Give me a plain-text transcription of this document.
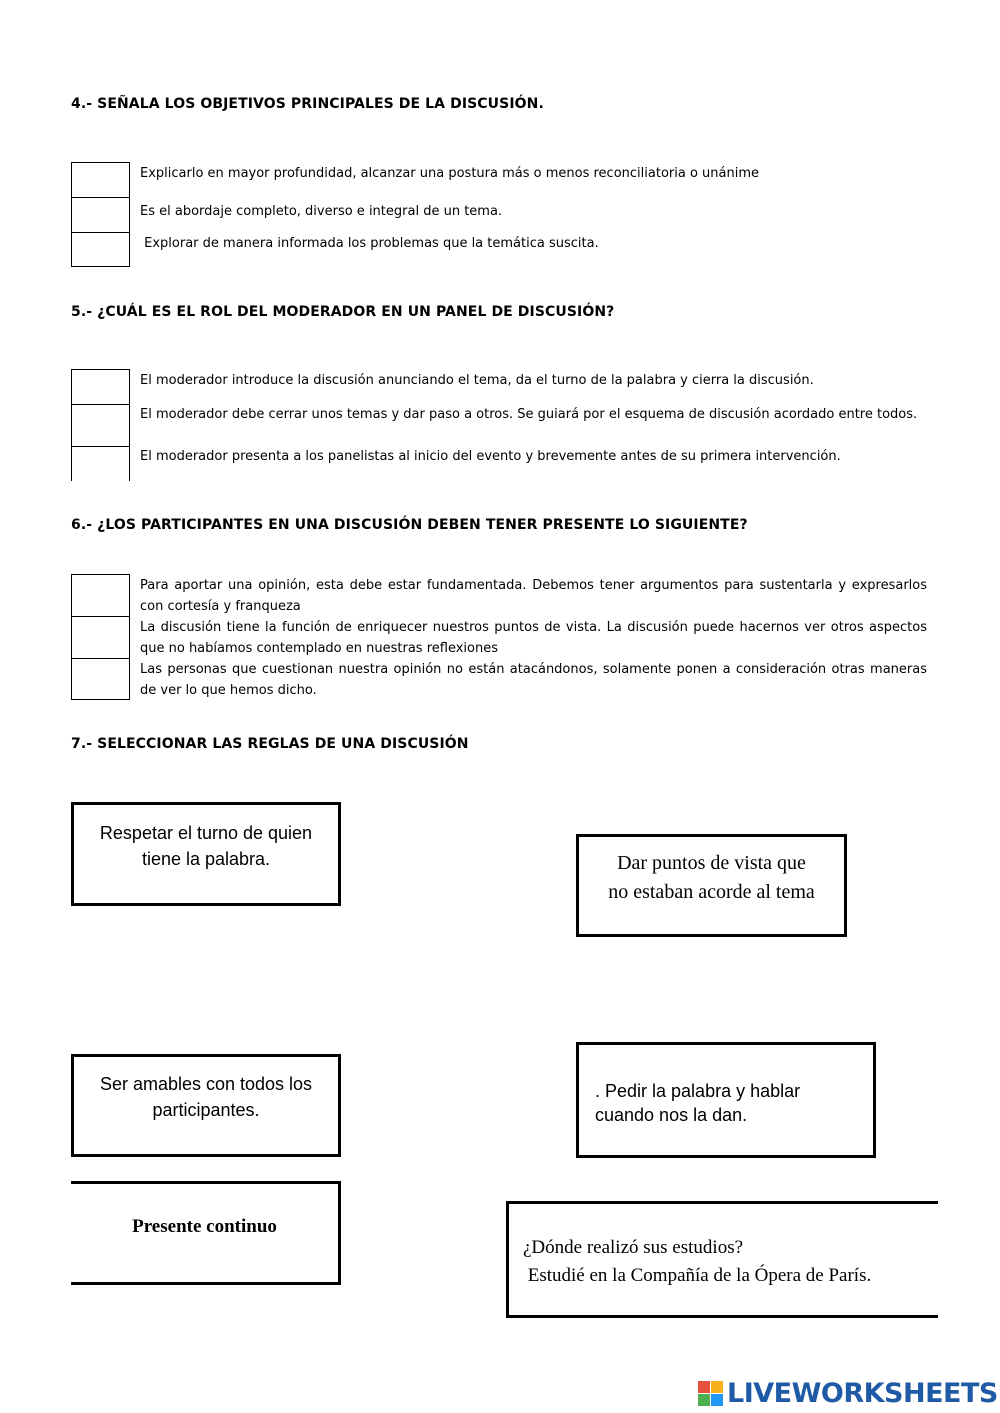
4.- SEÑALA LOS OBJETIVOS PRINCIPALES DE LA DISCUSIÓN.
Explicarlo en mayor profundidad, alcanzar una postura más o menos reconciliatoria o unánime
Es el abordaje completo, diverso e integral de un tema.
Explorar de manera informada los problemas que la temática suscita.
5.- ¿CUÁL ES EL ROL DEL MODERADOR EN UN PANEL DE DISCUSIÓN?
El moderador introduce la discusión anunciando el tema, da el turno de la palabra y cierra la discusión.
El moderador debe cerrar unos temas y dar paso a otros. Se guiará por el esquema de discusión acordado entre todos.
El moderador presenta a los panelistas al inicio del evento y brevemente antes de su primera intervención.
6.- ¿LOS PARTICIPANTES EN UNA DISCUSIÓN DEBEN TENER PRESENTE LO SIGUIENTE?
Para aportar una opinión, esta debe estar fundamentada. Debemos tener argumentos para sustentarla y expresarlos con cortesía y franqueza
La discusión tiene la función de enriquecer nuestros puntos de vista. La discusión puede hacernos ver otros aspectos que no habíamos contemplado en nuestras reflexiones
Las personas que cuestionan nuestra opinión no están atacándonos, solamente ponen a consideración otras maneras de ver lo que hemos dicho.
7.- SELECCIONAR LAS REGLAS DE UNA DISCUSIÓN
Respetar el turno de quien
tiene la palabra.	Dar puntos de vista que
no estaban acorde al tema
Ser amables con todos los
participantes.
. Pedir la palabra y hablar
cuando nos la dan.
Presente continuo
¿Dónde realizó sus estudios?
Estudié en la Compañía de la Ópera de París.
LIVEWORKSHEETS
